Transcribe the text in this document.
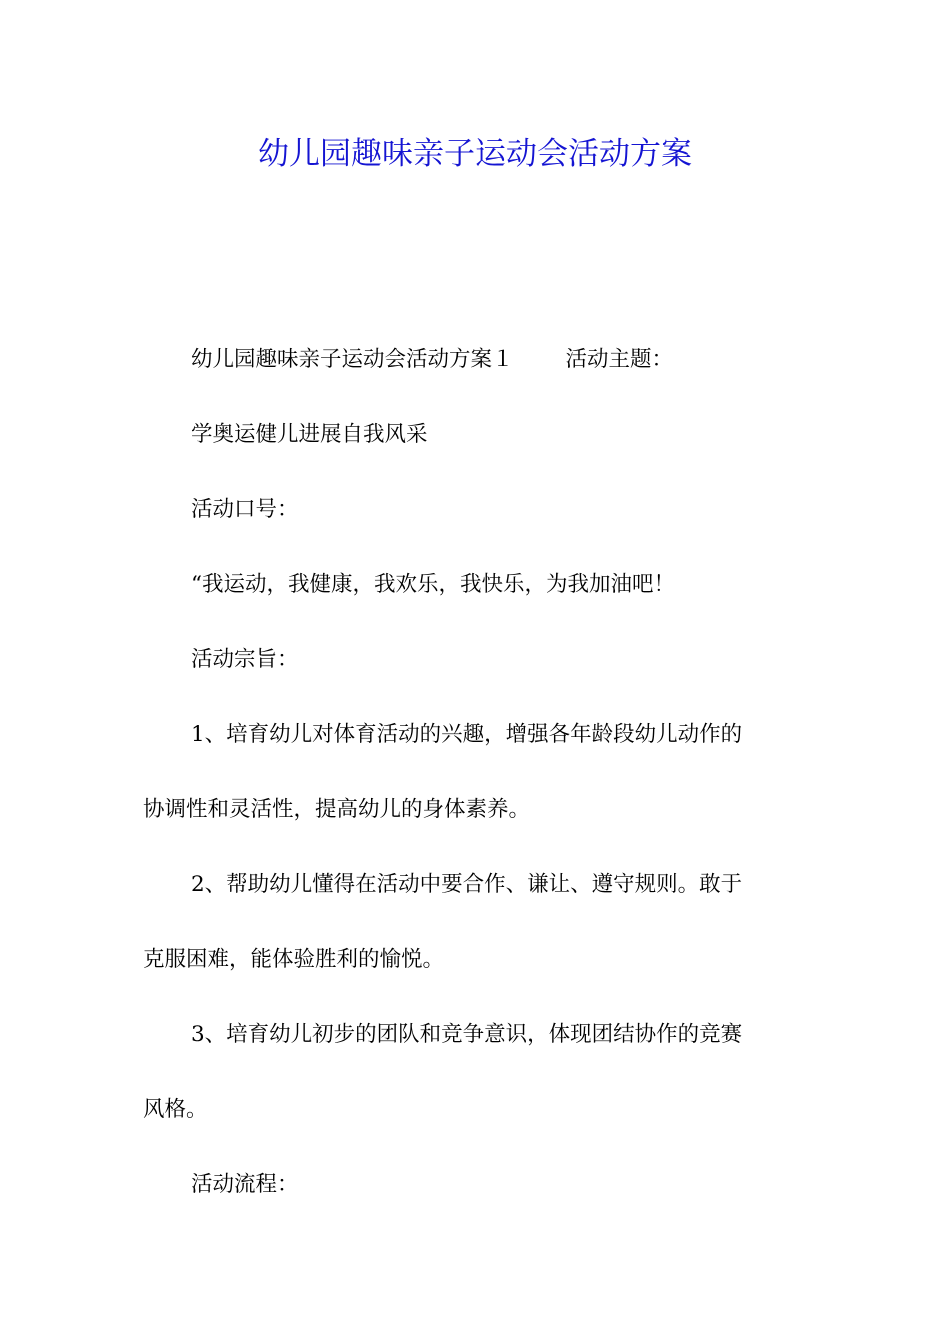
幼儿园趣味亲子运动会活动方案
幼儿园趣味亲子运动会活动方案１ 活动主题：
学奥运健儿进展自我风采
活动口号：
“我运动，我健康，我欢乐，我快乐，为我加油吧！
活动宗旨：
1、培育幼儿对体育活动的兴趣，增强各年龄段幼儿动作的
协调性和灵活性，提高幼儿的身体素养。
2、帮助幼儿懂得在活动中要合作、谦让、遵守规则。敢于
克服困难，能体验胜利的愉悦。
3、培育幼儿初步的团队和竞争意识，体现团结协作的竞赛
风格。
活动流程：
